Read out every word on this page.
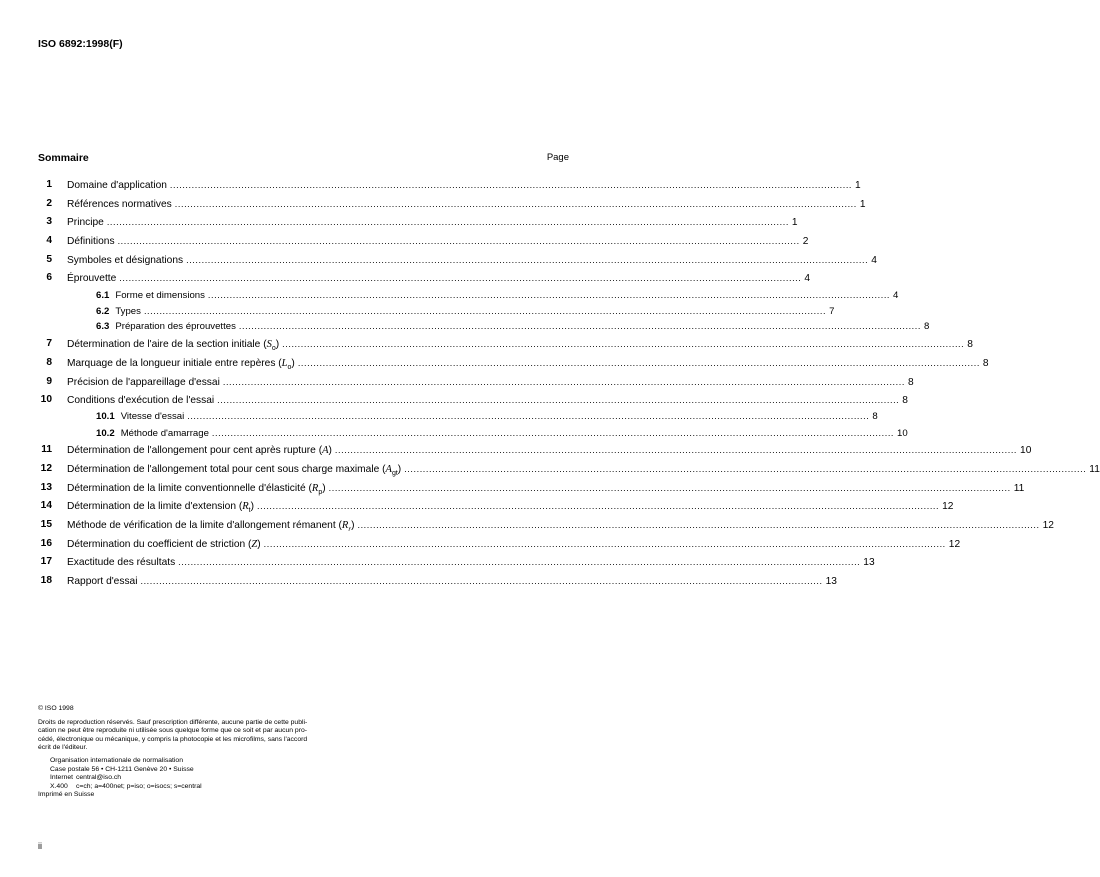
ISO 6892:1998(F)
Sommaire	Page
1 Domaine d'application ............................................................................................................................................................................................................................ 1
2 Références normatives ............................................................................................................................................................................................................................ 1
3 Principe ............................................................................................................................................................................................................................ 1
4 Définitions ............................................................................................................................................................................................................................ 2
5 Symboles et désignations ............................................................................................................................................................................................................................ 4
6 Éprouvette ............................................................................................................................................................................................................................ 4
6.1 Forme et dimensions ............................................................................................................................................................................................................................ 4
6.2 Types ............................................................................................................................................................................................................................ 7
6.3 Préparation des éprouvettes ............................................................................................................................................................................................................................ 8
7 Détermination de l'aire de la section initiale $(S_o)$ ............................................................................................................................................................................................................................ 8
8 Marquage de la longueur initiale entre repères $(L_o)$ ............................................................................................................................................................................................................................ 8
9 Précision de l'appareillage d'essai ............................................................................................................................................................................................................................ 8
10 Conditions d'exécution de l'essai ............................................................................................................................................................................................................................ 8
10.1 Vitesse d'essai ............................................................................................................................................................................................................................ 8
10.2 Méthode d'amarrage ............................................................................................................................................................................................................................ 10
11 Détermination de l'allongement pour cent après rupture (A) ............................................................................................................................................................................................................................ 10
12 Détermination de l'allongement total pour cent sous charge maximale $(A_{gt})$ ............................................................................................................................................................................................................................ 11
13 Détermination de la limite conventionnelle d'élasticité $(R_p)$ ............................................................................................................................................................................................................................ 11
14 Détermination de la limite d'extension $(R_t)$ ............................................................................................................................................................................................................................ 12
15 Méthode de vérification de la limite d'allongement rémanent $(R_r)$ ............................................................................................................................................................................................................................ 12
16 Détermination du coefficient de striction (Z) ............................................................................................................................................................................................................................ 12
17 Exactitude des résultats ............................................................................................................................................................................................................................ 13
18 Rapport d'essai ............................................................................................................................................................................................................................ 13
© ISO 1998
Droits de reproduction réservés. Sauf prescription différente, aucune partie de cette publi-
cation ne peut être reproduite ni utilisée sous quelque forme que ce soit et par aucun pro-
cédé, électronique ou mécanique, y compris la photocopie et les microfilms, sans l'accord
écrit de l'éditeur.
Organisation internationale de normalisation
Case postale 56 • CH-1211 Genève 20 • Suisse
Internet central@iso.ch
X.400 c=ch; a=400net; p=iso; o=isocs; s=central
Imprimé en Suisse
ii
